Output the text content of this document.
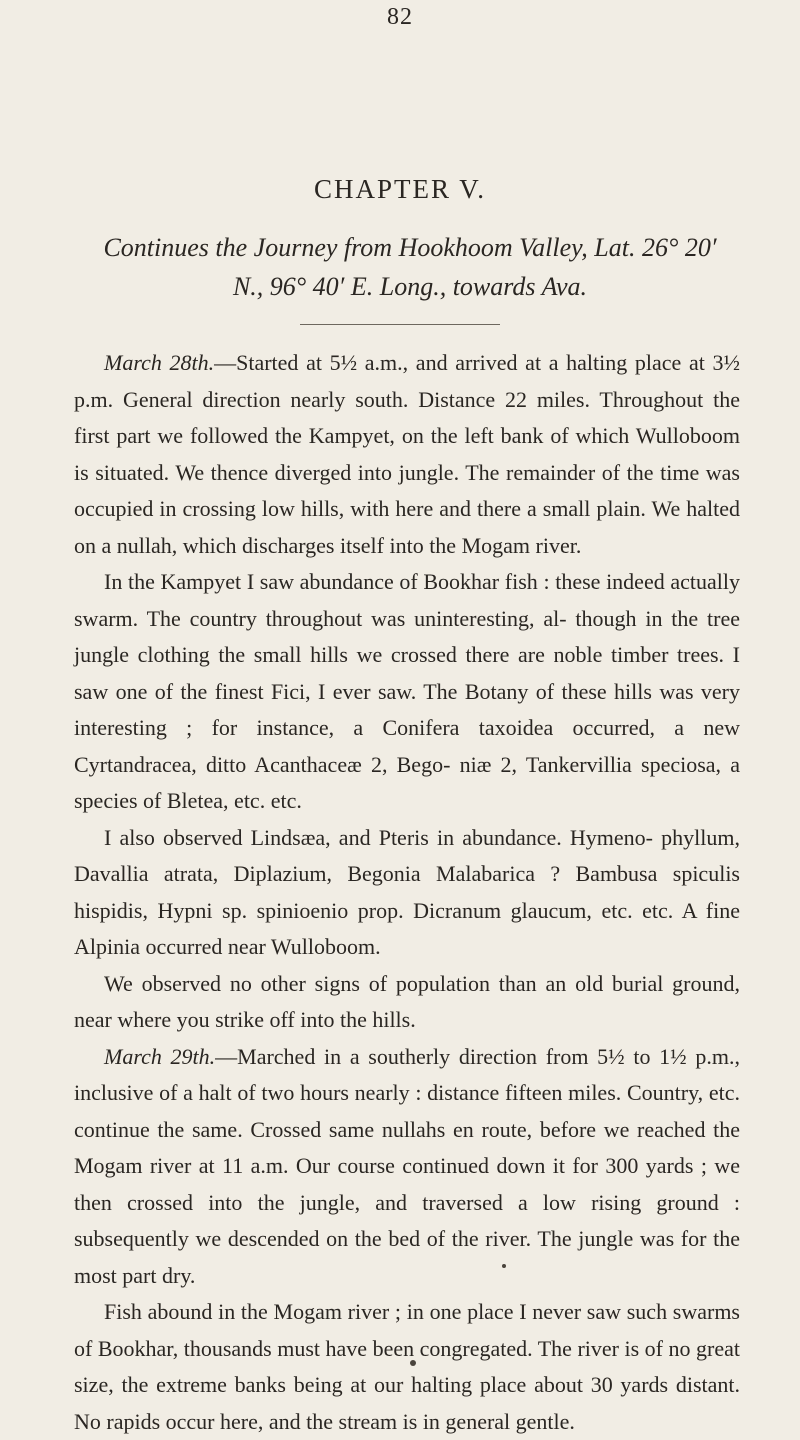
82
CHAPTER V.
Continues the Journey from Hookhoom Valley, Lat. 26° 20′ N., 96° 40′ E. Long., towards Ava.

March 28th.—Started at 5½ a.m., and arrived at a halting place at 3½ p.m. General direction nearly south. Distance 22 miles. Throughout the first part we followed the Kampyet, on the left bank of which Wulloboom is situated. We thence diverged into jungle. The remainder of the time was occupied in crossing low hills, with here and there a small plain. We halted on a nullah, which discharges itself into the Mogam river.

In the Kampyet I saw abundance of Bookhar fish : these indeed actually swarm. The country throughout was uninteresting, al- though in the tree jungle clothing the small hills we crossed there are noble timber trees. I saw one of the finest Fici, I ever saw. The Botany of these hills was very interesting ; for instance, a Conifera taxoidea occurred, a new Cyrtandracea, ditto Acanthaceæ 2, Bego- niæ 2, Tankervillia speciosa, a species of Bletea, etc. etc.

I also observed Lindsæa, and Pteris in abundance. Hymeno- phyllum, Davallia atrata, Diplazium, Begonia Malabarica ? Bambusa spiculis hispidis, Hypni sp. spinioenio prop. Dicranum glaucum, etc. etc. A fine Alpinia occurred near Wulloboom.

We observed no other signs of population than an old burial ground, near where you strike off into the hills.

March 29th.—Marched in a southerly direction from 5½ to 1½ p.m., inclusive of a halt of two hours nearly : distance fifteen miles. Country, etc. continue the same. Crossed same nullahs en route, before we reached the Mogam river at 11 a.m. Our course continued down it for 300 yards ; we then crossed into the jungle, and traversed a low rising ground : subsequently we descended on the bed of the river. The jungle was for the most part dry.

Fish abound in the Mogam river ; in one place I never saw such swarms of Bookhar, thousands must have been congregated. The river is of no great size, the extreme banks being at our halting place about 30 yards distant. No rapids occur here, and the stream is in general gentle.
